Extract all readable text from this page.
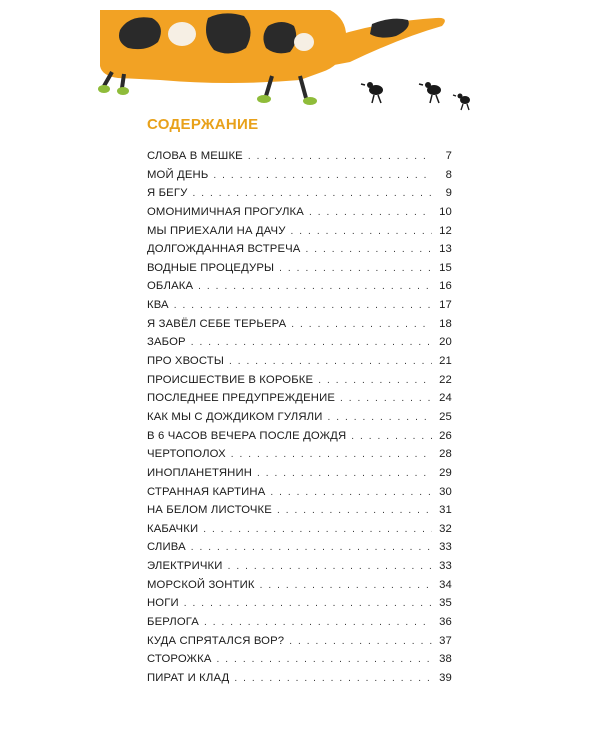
СОДЕРЖАНИЕ
СЛОВА В МЕШКЕ . . .	7
МОЙ ДЕНЬ . . .	8
Я БЕГУ . . .	9
ОМОНИМИЧНАЯ ПРОГУЛКА . . .	10
МЫ ПРИЕХАЛИ НА ДАЧУ . . .	12
ДОЛГОЖДАННАЯ ВСТРЕЧА . . .	13
ВОДНЫЕ ПРОЦЕДУРЫ . . .	15
ОБЛАКА . . .	16
КВА . . .	17
Я ЗАВЁЛ СЕБЕ ТЕРЬЕРА . . .	18
ЗАБОР . . .	20
ПРО ХВОСТЫ . . .	21
ПРОИСШЕСТВИЕ В КОРОБКЕ . . .	22
ПОСЛЕДНЕЕ ПРЕДУПРЕЖДЕНИЕ . . .	24
КАК МЫ С ДОЖДИКОМ ГУЛЯЛИ . . .	25
В 6 ЧАСОВ ВЕЧЕРА ПОСЛЕ ДОЖДЯ . . .	26
ЧЕРТОПОЛОХ . . .	28
ИНОПЛАНЕТЯНИН . . .	29
СТРАННАЯ КАРТИНА . . .	30
НА БЕЛОМ ЛИСТОЧКЕ . . .	31
КАБАЧКИ . . .	32
СЛИВА . . .	33
ЭЛЕКТРИЧКИ . . .	33
МОРСКОЙ ЗОНТИК . . .	34
НОГИ . . .	35
БЕРЛОГА . . .	36
КУДА СПРЯТАЛСЯ ВОР? . . .	37
СТОРОЖКА . . .	38
ПИРАТ И КЛАД . . .	39
